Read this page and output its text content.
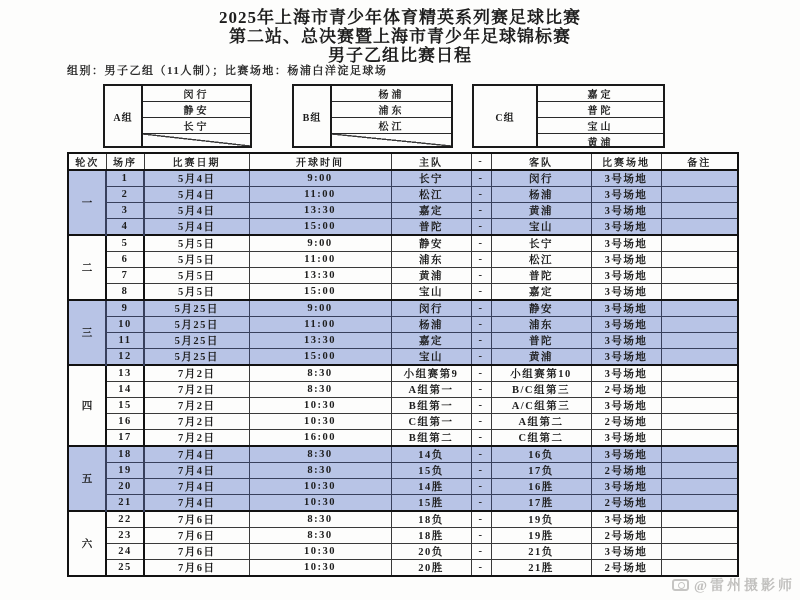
2025年上海市青少年体育精英系列赛足球比赛
第二站、总决赛暨上海市青少年足球锦标赛
男子乙组比赛日程
组别：男子乙组（11人制）；比赛场地：杨浦白洋淀足球场
A组
闵行
静安
长宁
B组
杨浦
浦东
松江
C组
嘉定
普陀
宝山
黄浦
轮次	场序	比赛日期	开球时间	主队	-	客队	比赛场地	备注
一	1	5月4日	9:00	长宁	-	闵行	3号场地	
	2	5月4日	11:00	松江	-	杨浦	3号场地	
	3	5月4日	13:30	嘉定	-	黄浦	3号场地	
	4	5月4日	15:00	普陀	-	宝山	3号场地	
二	5	5月5日	9:00	静安	-	长宁	3号场地	
	6	5月5日	11:00	浦东	-	松江	3号场地	
	7	5月5日	13:30	黄浦	-	普陀	3号场地	
	8	5月5日	15:00	宝山	-	嘉定	3号场地	
三	9	5月25日	9:00	闵行	-	静安	3号场地	
	10	5月25日	11:00	杨浦	-	浦东	3号场地	
	11	5月25日	13:30	嘉定	-	普陀	3号场地	
	12	5月25日	15:00	宝山	-	黄浦	3号场地	
四	13	7月2日	8:30	小组赛第9	-	小组赛第10	3号场地	
	14	7月2日	8:30	A组第一	-	B/C组第三	2号场地	
	15	7月2日	10:30	B组第一	-	A/C组第三	3号场地	
	16	7月2日	10:30	C组第一	-	A组第二	2号场地	
	17	7月2日	16:00	B组第二	-	C组第二	3号场地	
五	18	7月4日	8:30	14负	-	16负	3号场地	
	19	7月4日	8:30	15负	-	17负	2号场地	
	20	7月4日	10:30	14胜	-	16胜	3号场地	
	21	7月4日	10:30	15胜	-	17胜	2号场地	
六	22	7月6日	8:30	18负	-	19负	3号场地	
	23	7月6日	8:30	18胜	-	19胜	2号场地	
	24	7月6日	10:30	20负	-	21负	3号场地	
	25	7月6日	10:30	20胜	-	21胜	2号场地	
@雷州摄影师
